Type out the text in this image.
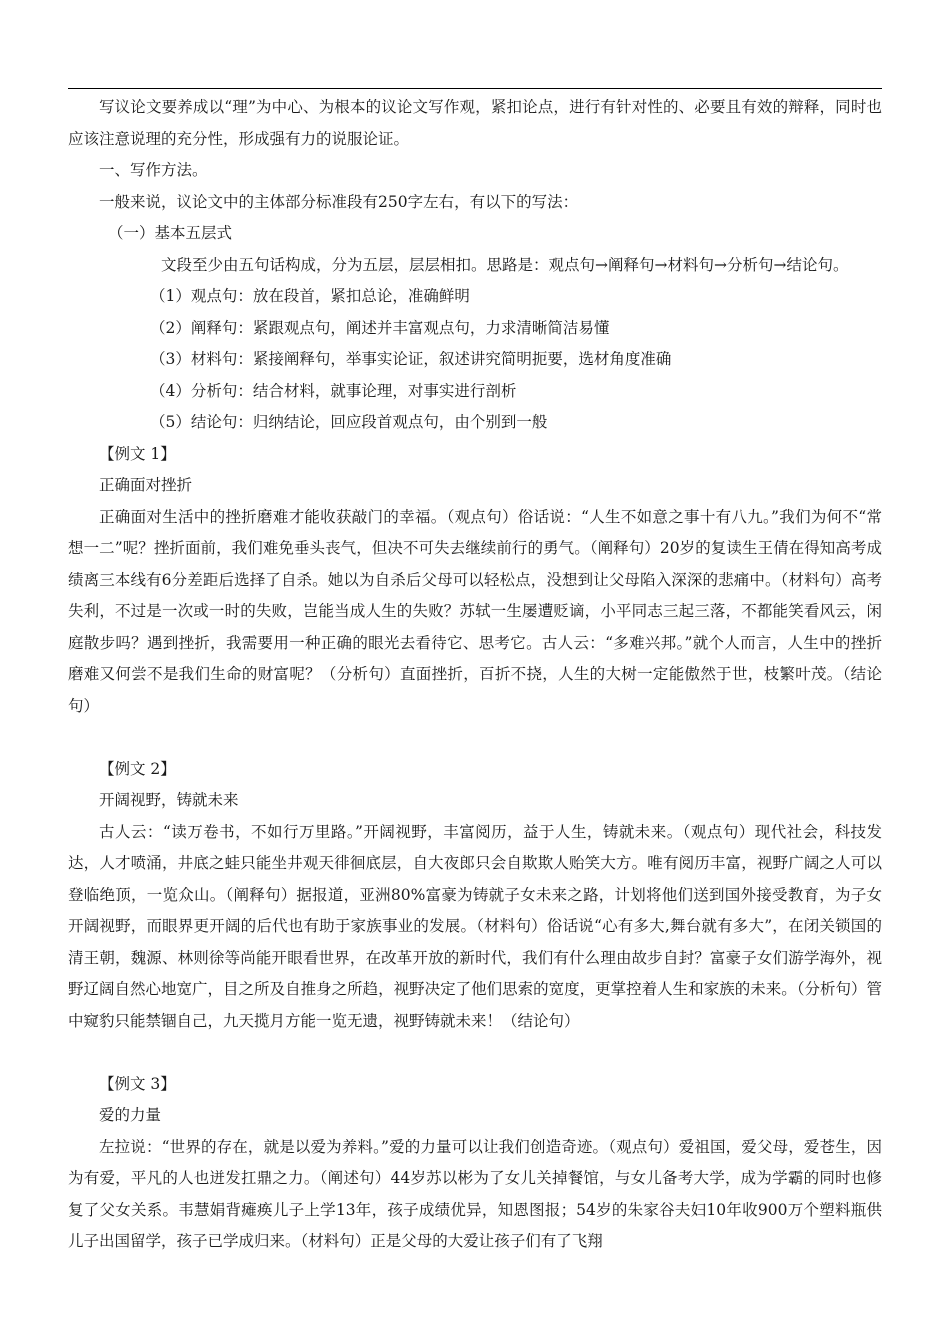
写议论文要养成以“理”为中心、为根本的议论文写作观，紧扣论点，进行有针对性的、必要且有效的辩释，同时也应该注意说理的充分性，形成强有力的说服论证。

一、写作方法。

一般来说，议论文中的主体部分标准段有250字左右，有以下的写法：

（一）基本五层式

文段至少由五句话构成，分为五层，层层相扣。思路是：观点句→阐释句→材料句→分析句→结论句。

（1）观点句：放在段首，紧扣总论，准确鲜明

（2）阐释句：紧跟观点句，阐述并丰富观点句，力求清晰简洁易懂

（3）材料句：紧接阐释句，举事实论证，叙述讲究简明扼要，选材角度准确

（4）分析句：结合材料，就事论理，对事实进行剖析

（5）结论句：归纳结论，回应段首观点句，由个别到一般

【例文 1】

正确面对挫折

正确面对生活中的挫折磨难才能收获敲门的幸福。（观点句）俗话说：“人生不如意之事十有八九。”我们为何不“常想一二”呢？挫折面前，我们难免垂头丧气，但决不可失去继续前行的勇气。（阐释句）20岁的复读生王倩在得知高考成绩离三本线有6分差距后选择了自杀。她以为自杀后父母可以轻松点，没想到让父母陷入深深的悲痛中。（材料句）高考失利，不过是一次或一时的失败，岂能当成人生的失败？苏轼一生屡遭贬谪，小平同志三起三落，不都能笑看风云，闲庭散步吗？遇到挫折，我需要用一种正确的眼光去看待它、思考它。古人云：“多难兴邦。”就个人而言，人生中的挫折磨难又何尝不是我们生命的财富呢？（分析句）直面挫折，百折不挠，人生的大树一定能傲然于世，枝繁叶茂。（结论句）

【例文 2】

开阔视野，铸就未来

古人云：“读万卷书，不如行万里路。”开阔视野，丰富阅历，益于人生，铸就未来。（观点句）现代社会，科技发达，人才喷涌，井底之蛙只能坐井观天徘徊底层，自大夜郎只会自欺欺人贻笑大方。唯有阅历丰富，视野广阔之人可以登临绝顶，一览众山。（阐释句）据报道，亚洲80%富豪为铸就子女未来之路，计划将他们送到国外接受教育，为子女开阔视野，而眼界更开阔的后代也有助于家族事业的发展。（材料句）俗话说“心有多大,舞台就有多大”，在闭关锁国的清王朝，魏源、林则徐等尚能开眼看世界，在改革开放的新时代，我们有什么理由故步自封？富豪子女们游学海外，视野辽阔自然心地宽广，目之所及自推身之所趋，视野决定了他们思索的宽度，更掌控着人生和家族的未来。（分析句）管中窥豹只能禁锢自己，九天揽月方能一览无遗，视野铸就未来！（结论句）

【例文 3】

爱的力量

左拉说：“世界的存在，就是以爱为养料。”爱的力量可以让我们创造奇迹。（观点句）爱祖国，爱父母，爱苍生，因为有爱，平凡的人也迸发扛鼎之力。（阐述句）44岁苏以彬为了女儿关掉餐馆，与女儿备考大学，成为学霸的同时也修复了父女关系。韦慧娟背瘫痪儿子上学13年，孩子成绩优异，知恩图报；54岁的朱家谷夫妇10年收900万个塑料瓶供儿子出国留学，孩子已学成归来。（材料句）正是父母的大爱让孩子们有了飞翔
